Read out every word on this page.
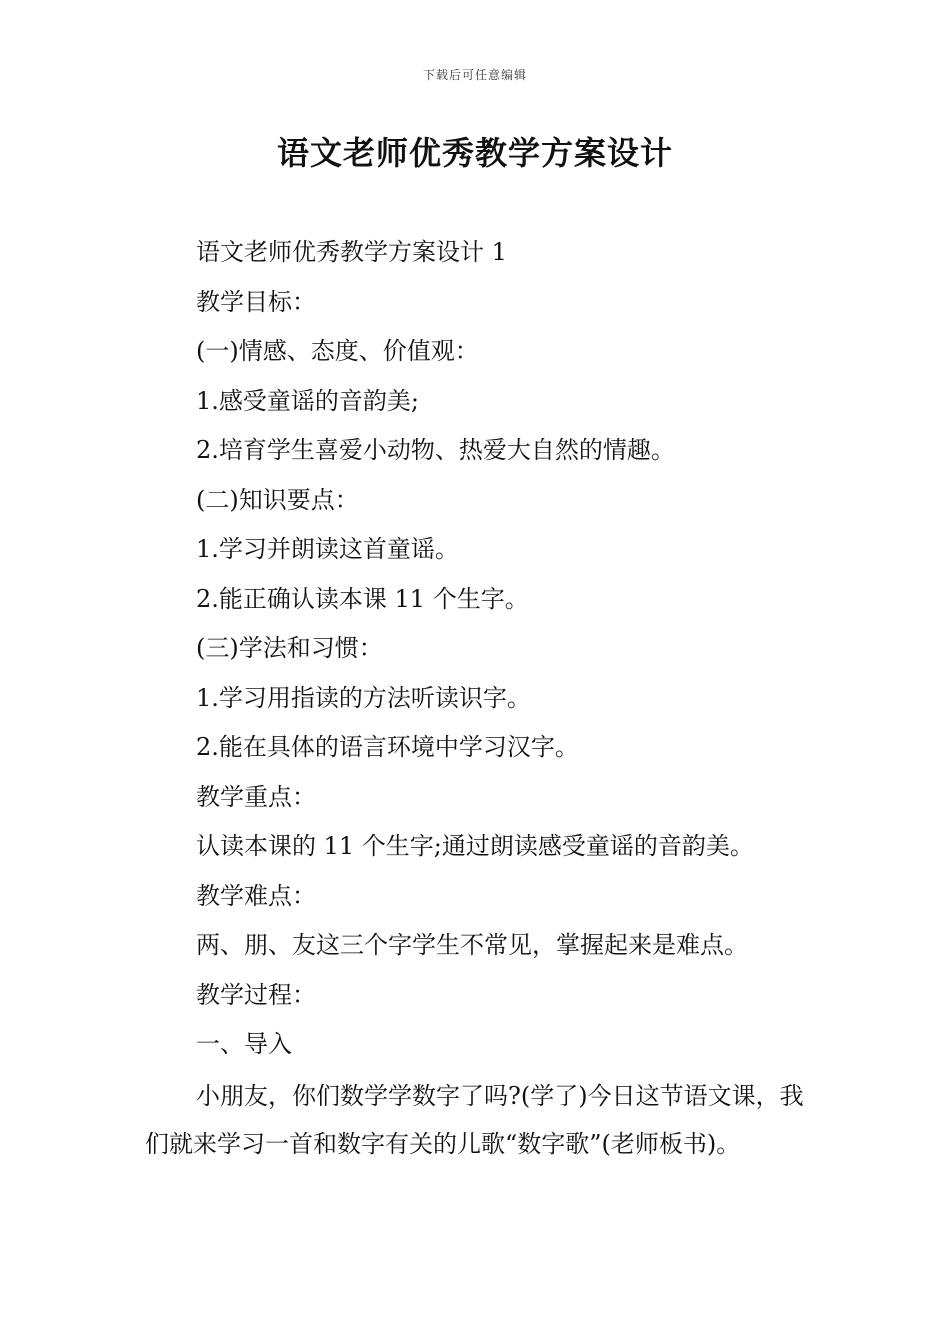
下载后可任意编辑
语文老师优秀教学方案设计
语文老师优秀教学方案设计 1
教学目标：
(一)情感、态度、价值观：
1.感受童谣的音韵美;
2.培育学生喜爱小动物、热爱大自然的情趣。
(二)知识要点：
1.学习并朗读这首童谣。
2.能正确认读本课 11 个生字。
(三)学法和习惯：
1.学习用指读的方法听读识字。
2.能在具体的语言环境中学习汉字。
教学重点：
认读本课的 11 个生字;通过朗读感受童谣的音韵美。
教学难点：
两、朋、友这三个字学生不常见，掌握起来是难点。
教学过程：
一、导入
小朋友，你们数学学数字了吗?(学了)今日这节语文课，我们就来学习一首和数字有关的儿歌“数字歌”(老师板书)。
